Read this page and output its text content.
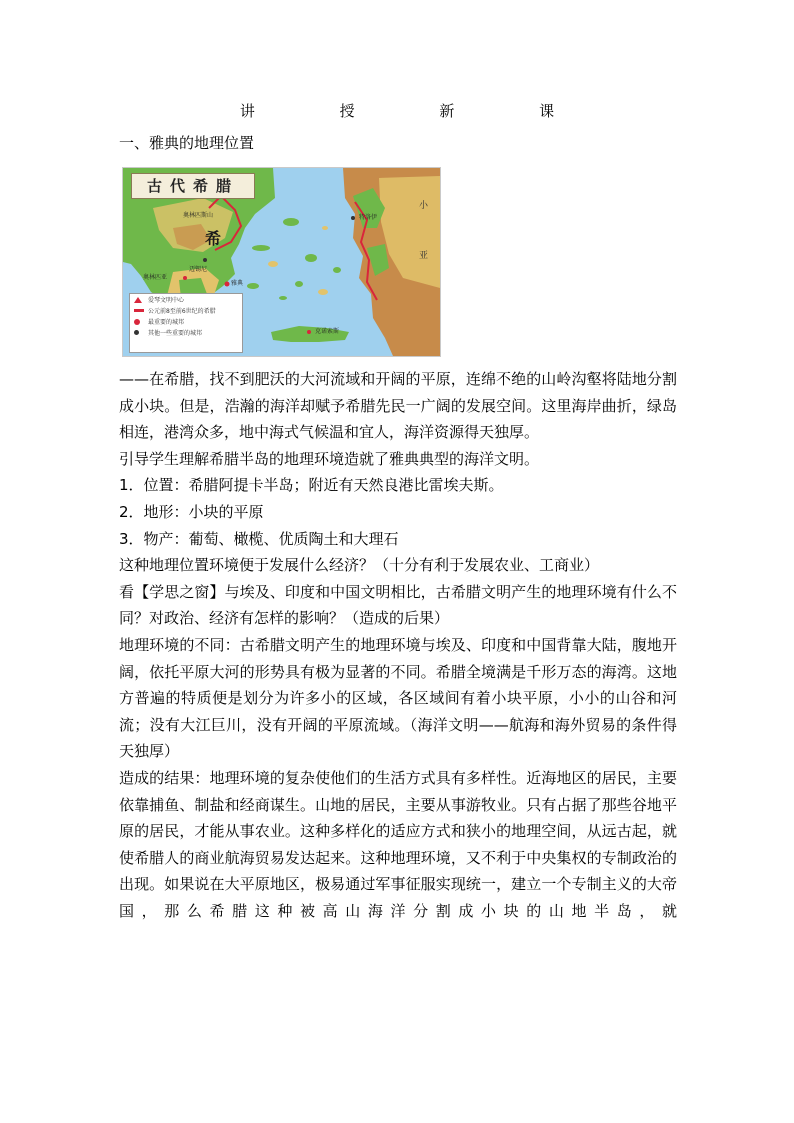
讲 授 新 课
一、雅典的地理位置
古代希腊
奥林匹斯山	特洛伊
奥林匹亚
雅典
迈锡尼
克诺索斯
希
小
亚
爱琴文明中心
公元前8至前6世纪的希腊
最重要的城邦
其他一些重要的城邦

——在希腊，找不到肥沃的大河流域和开阔的平原，连绵不绝的山岭沟壑将陆地分割成小块。但是，浩瀚的海洋却赋予希腊先民一广阔的发展空间。这里海岸曲折，绿岛相连，港湾众多，地中海式气候温和宜人，海洋资源得天独厚。

引导学生理解希腊半岛的地理环境造就了雅典典型的海洋文明。

1．位置：希腊阿提卡半岛；附近有天然良港比雷埃夫斯。

2．地形：小块的平原

3．物产：葡萄、橄榄、优质陶土和大理石

这种地理位置环境便于发展什么经济？（十分有利于发展农业、工商业）

看【学思之窗】与埃及、印度和中国文明相比，古希腊文明产生的地理环境有什么不同？对政治、经济有怎样的影响？（造成的后果）

地理环境的不同：古希腊文明产生的地理环境与埃及、印度和中国背靠大陆，腹地开阔，依托平原大河的形势具有极为显著的不同。希腊全境满是千形万态的海湾。这地方普遍的特质便是划分为许多小的区域，各区域间有着小块平原，小小的山谷和河流；没有大江巨川，没有开阔的平原流域。（海洋文明——航海和海外贸易的条件得天独厚）

造成的结果：地理环境的复杂使他们的生活方式具有多样性。近海地区的居民，主要依靠捕鱼、制盐和经商谋生。山地的居民，主要从事游牧业。只有占据了那些谷地平原的居民，才能从事农业。这种多样化的适应方式和狭小的地理空间，从远古起，就使希腊人的商业航海贸易发达起来。这种地理环境，又不利于中央集权的专制政治的出现。如果说在大平原地区，极易通过军事征服实现统一，建立一个专制主义的大帝国，那么希腊这种被高山海洋分割成小块的山地半岛，就
